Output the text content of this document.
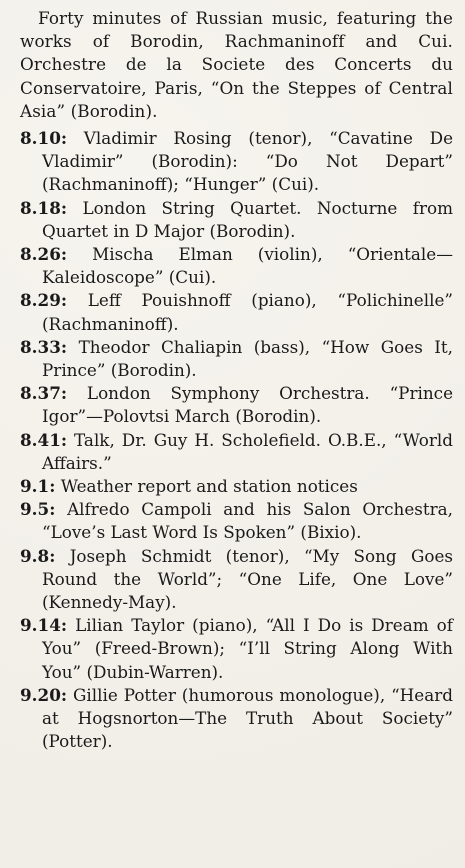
Forty minutes of Russian music, featuring the works of Borodin, Rachmaninoff and Cui. Orchestre de la Societe des Concerts du Conservatoire, Paris, “On the Steppes of Central Asia” (Borodin).

8.10: Vladimir Rosing (tenor), “Cavatine De Vladimir” (Borodin): “Do Not Depart” (Rachmaninoff); “Hunger” (Cui).
8.18: London String Quartet. Nocturne from Quartet in D Major (Borodin).
8.26: Mischa Elman (violin), “Orientale—Kaleidoscope” (Cui).
8.29: Leff Pouishnoff (piano), “Polichinelle” (Rachmaninoff).
8.33: Theodor Chaliapin (bass), “How Goes It, Prince” (Borodin).
8.37: London Symphony Orchestra. “Prince Igor”—Polovtsi March (Borodin).
8.41: Talk, Dr. Guy H. Scholefield. O.B.E., “World Affairs.”
9.1: Weather report and station notices
9.5: Alfredo Campoli and his Salon Orchestra, “Love’s Last Word Is Spoken” (Bixio).
9.8: Joseph Schmidt (tenor), “My Song Goes Round the World”; “One Life, One Love” (Kennedy-May).
9.14: Lilian Taylor (piano), “All I Do is Dream of You” (Freed-Brown); “I’ll String Along With You” (Dubin-Warren).
9.20: Gillie Potter (humorous monologue), “Heard at Hogsnorton—The Truth About Society” (Potter).
